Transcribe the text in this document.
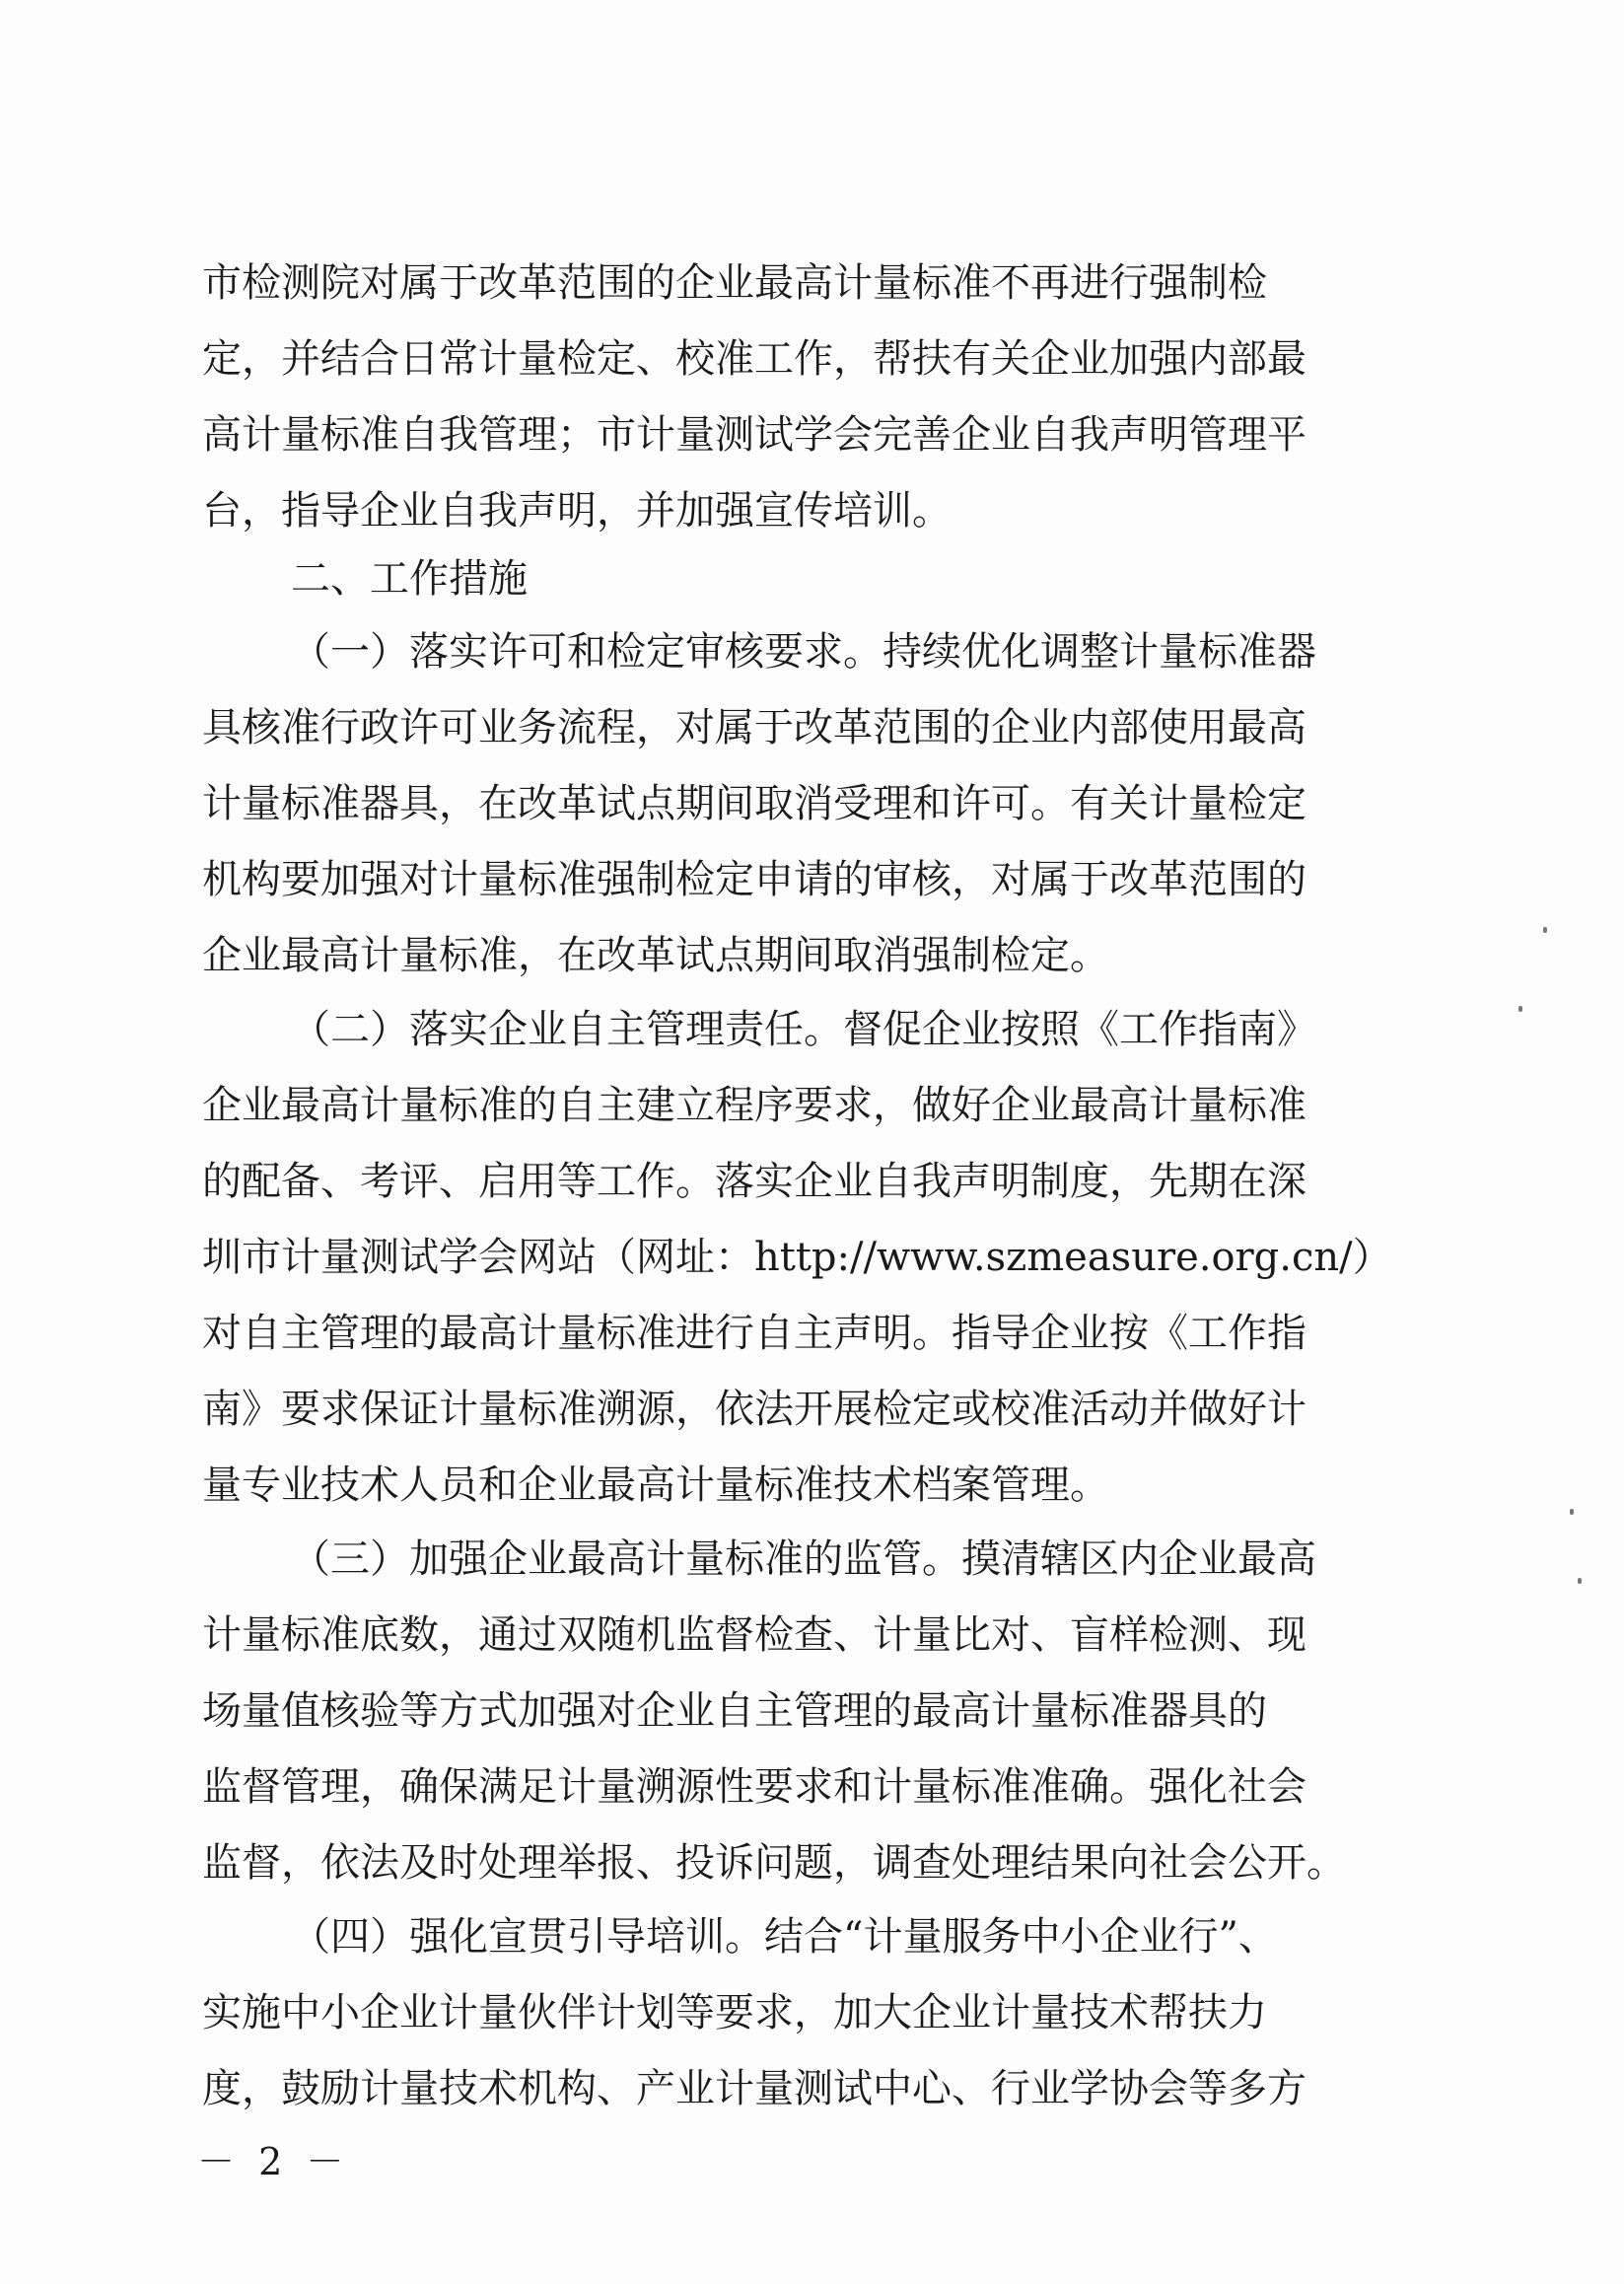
市检测院对属于改革范围的企业最高计量标准不再进行强制检
定，并结合日常计量检定、校准工作，帮扶有关企业加强内部最
高计量标准自我管理；市计量测试学会完善企业自我声明管理平
台，指导企业自我声明，并加强宣传培训。
二、工作措施
（一）落实许可和检定审核要求。持续优化调整计量标准器
具核准行政许可业务流程，对属于改革范围的企业内部使用最高
计量标准器具，在改革试点期间取消受理和许可。有关计量检定
机构要加强对计量标准强制检定申请的审核，对属于改革范围的
企业最高计量标准，在改革试点期间取消强制检定。
（二）落实企业自主管理责任。督促企业按照《工作指南》
企业最高计量标准的自主建立程序要求，做好企业最高计量标准
的配备、考评、启用等工作。落实企业自我声明制度，先期在深
圳市计量测试学会网站（网址：http://www.szmeasure.org.cn/）
对自主管理的最高计量标准进行自主声明。指导企业按《工作指
南》要求保证计量标准溯源，依法开展检定或校准活动并做好计
量专业技术人员和企业最高计量标准技术档案管理。
（三）加强企业最高计量标准的监管。摸清辖区内企业最高
计量标准底数，通过双随机监督检查、计量比对、盲样检测、现
场量值核验等方式加强对企业自主管理的最高计量标准器具的
监督管理，确保满足计量溯源性要求和计量标准准确。强化社会
监督，依法及时处理举报、投诉问题，调查处理结果向社会公开。
（四）强化宣贯引导培训。结合“计量服务中小企业行”、
实施中小企业计量伙伴计划等要求，加大企业计量技术帮扶力
度，鼓励计量技术机构、产业计量测试中心、行业学协会等多方
－ 2 －
